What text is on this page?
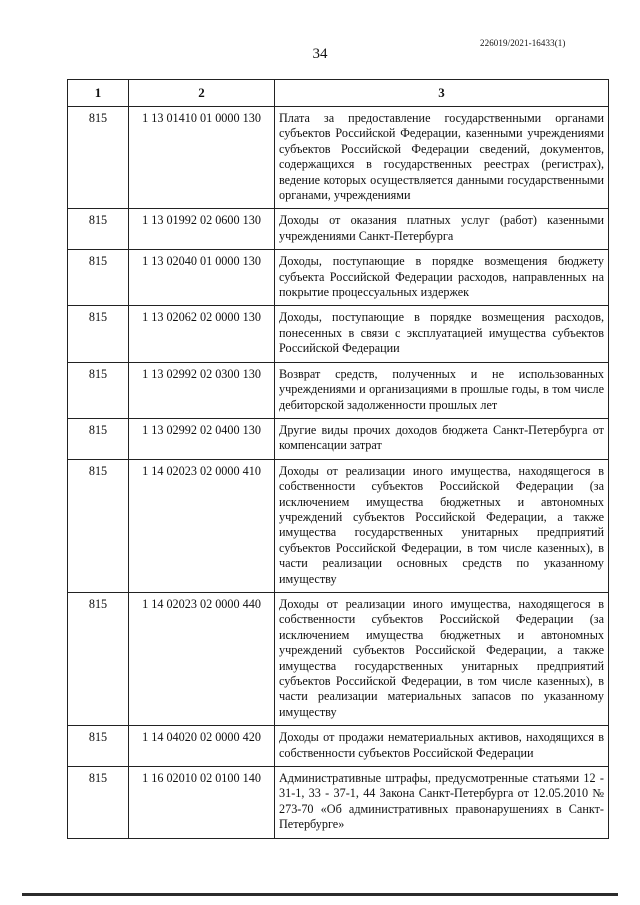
226019/2021-16433(1)
34
1	2	3
815	1 13 01410 01 0000 130	Плата за предоставление государственными органами субъектов Российской Федерации, казенными учреждениями субъектов Российской Федерации сведений, документов, содержащихся в государственных реестрах (регистрах), ведение которых осуществляется данными государственными органами, учреждениями
815	1 13 01992 02 0600 130	Доходы от оказания платных услуг (работ) казенными учреждениями Санкт-Петербурга
815	1 13 02040 01 0000 130	Доходы, поступающие в порядке возмещения бюджету субъекта Российской Федерации расходов, направленных на покрытие процессуальных издержек
815	1 13 02062 02 0000 130	Доходы, поступающие в порядке возмещения расходов, понесенных в связи с эксплуатацией имущества субъектов Российской Федерации
815	1 13 02992 02 0300 130	Возврат средств, полученных и не использованных учреждениями и организациями в прошлые годы, в том числе дебиторской задолженности прошлых лет
815	1 13 02992 02 0400 130	Другие виды прочих доходов бюджета Санкт-Петербурга от компенсации затрат
815	1 14 02023 02 0000 410	Доходы от реализации иного имущества, находящегося в собственности субъектов Российской Федерации (за исключением имущества бюджетных и автономных учреждений субъектов Российской Федерации, а также имущества государственных унитарных предприятий субъектов Российской Федерации, в том числе казенных), в части реализации основных средств по указанному имуществу
815	1 14 02023 02 0000 440	Доходы от реализации иного имущества, находящегося в собственности субъектов Российской Федерации (за исключением имущества бюджетных и автономных учреждений субъектов Российской Федерации, а также имущества государственных унитарных предприятий субъектов Российской Федерации, в том числе казенных), в части реализации материальных запасов по указанному имуществу
815	1 14 04020 02 0000 420	Доходы от продажи нематериальных активов, находящихся в собственности субъектов Российской Федерации
815	1 16 02010 02 0100 140	Административные штрафы, предусмотренные статьями 12 - 31-1, 33 - 37-1, 44 Закона Санкт-Петербурга от 12.05.2010 № 273-70 «Об административных правонарушениях в Санкт-Петербурге»
